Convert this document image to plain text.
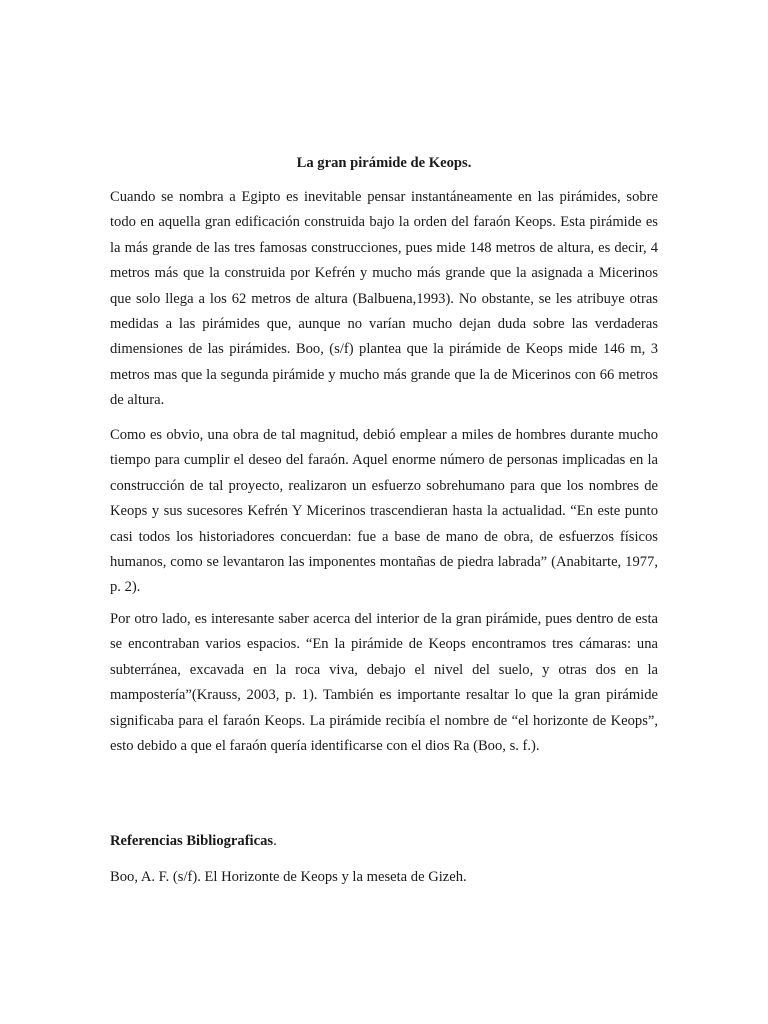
La gran pirámide de Keops.

Cuando se nombra a Egipto es inevitable pensar instantáneamente en las pirámides, sobre todo en aquella gran edificación construida bajo la orden del faraón Keops. Esta pirámide es la más grande de las tres famosas construcciones, pues mide 148 metros de altura, es decir, 4 metros más que la construida por Kefrén y mucho más grande que la asignada a Micerinos que solo llega a los 62 metros de altura (Balbuena,1993). No obstante, se les atribuye otras medidas a las pirámides que, aunque no varían mucho dejan duda sobre las verdaderas dimensiones de las pirámides. Boo, (s/f) plantea que la pirámide de Keops mide 146 m, 3 metros mas que la segunda pirámide y mucho más grande que la de Micerinos con 66 metros de altura.

Como es obvio, una obra de tal magnitud, debió emplear a miles de hombres durante mucho tiempo para cumplir el deseo del faraón. Aquel enorme número de personas implicadas en la construcción de tal proyecto, realizaron un esfuerzo sobrehumano para que los nombres de Keops y sus sucesores Kefrén Y Micerinos trascendieran hasta la actualidad. “En este punto casi todos los historiadores concuerdan: fue a base de mano de obra, de esfuerzos físicos humanos, como se levantaron las imponentes montañas de piedra labrada” (Anabitarte, 1977, p. 2).

Por otro lado, es interesante saber acerca del interior de la gran pirámide, pues dentro de esta se encontraban varios espacios. “En la pirámide de Keops encontramos tres cámaras: una subterránea, excavada en la roca viva, debajo el nivel del suelo, y otras dos en la mampostería”(Krauss, 2003, p. 1). También es importante resaltar lo que la gran pirámide significaba para el faraón Keops. La pirámide recibía el nombre de “el horizonte de Keops”, esto debido a que el faraón quería identificarse con el dios Ra (Boo, s. f.).

Referencias Bibliograficas.

Boo, A. F. (s/f). El Horizonte de Keops y la meseta de Gizeh.
